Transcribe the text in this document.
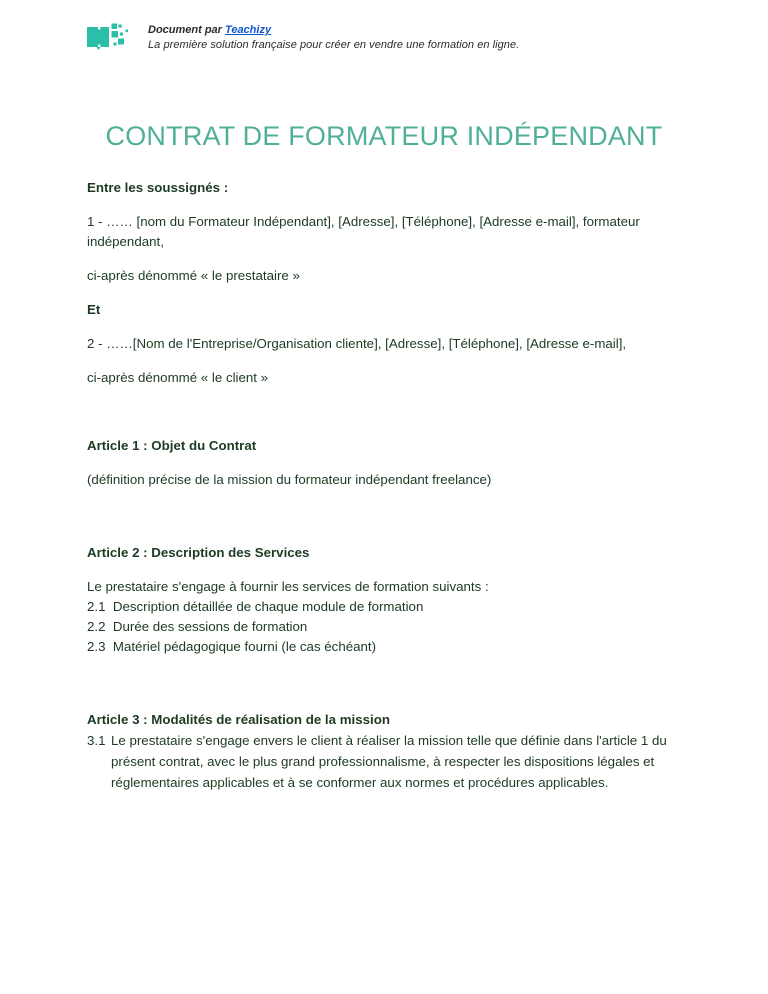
Document par Teachizy
La première solution française pour créer en vendre une formation en ligne.
CONTRAT DE FORMATEUR INDÉPENDANT

Entre les soussignés :

1 - …… [nom du Formateur Indépendant], [Adresse], [Téléphone], [Adresse e-mail], formateur indépendant,

ci-après dénommé « le prestataire »

Et

2 - ……[Nom de l'Entreprise/Organisation cliente], [Adresse], [Téléphone], [Adresse e-mail],

ci-après dénommé « le client »

Article 1 : Objet du Contrat

(définition précise de la mission du formateur indépendant freelance)

Article 2 : Description des Services

Le prestataire s'engage à fournir les services de formation suivants :

2.1 Description détaillée de chaque module de formation

2.2 Durée des sessions de formation

2.3 Matériel pédagogique fourni (le cas échéant)

Article 3 : Modalités de réalisation de la mission

3.1 Le prestataire s'engage envers le client à réaliser la mission telle que définie dans l'article 1 du présent contrat, avec le plus grand professionnalisme, à respecter les dispositions légales et réglementaires applicables et à se conformer aux normes et procédures applicables.
